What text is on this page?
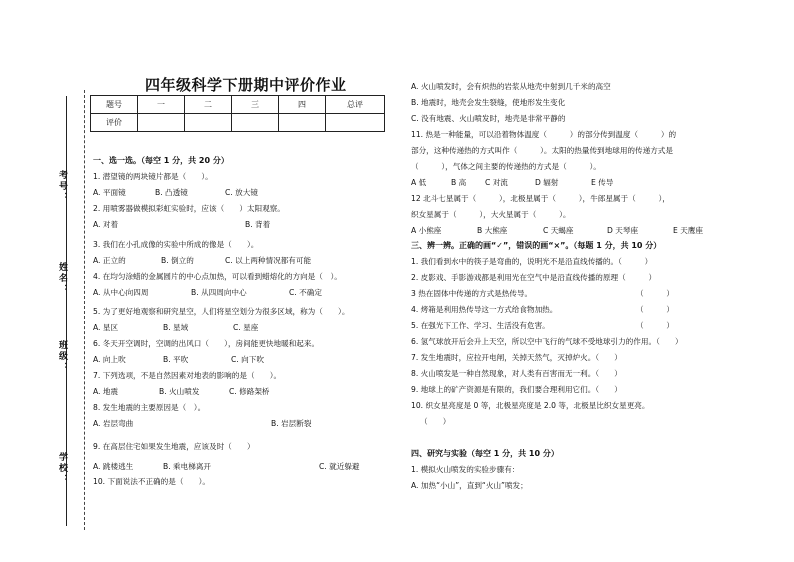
考号：
姓名：
班级：
学校：
四年级科学下册期中评价作业
题号	一	二	三	四	总评
评价					
一、选一选。（每空 1 分，共 20 分）
1. 潜望镜的两块镜片都是（　　）。
A. 平面镜	B. 凸透镜	C. 放大镜
2. 用喷雾器做模拟彩虹实验时，应该（　　）太阳观察。
A. 对着	B. 背着
3. 我们在小孔成像的实验中所成的像是（　　）。
A. 正立的	B. 倒立的	C. 以上两种情况都有可能
4. 在均匀涂蜡的金属圆片的中心点加热，可以看到蜡熔化的方向是（　）。
A. 从中心向四周	B. 从四周向中心	C. 不确定
5. 为了更好地观察和研究星空，人们将星空划分为很多区域，称为（　　）。
A. 星区	B. 星域	C. 星座
6. 冬天开空调时，空调的出风口（　　），房间能更快地暖和起来。
A. 向上吹	B. 平吹	C. 向下吹
7. 下列选项，不是自然因素对地表的影响的是（　　）。
A. 地震	B. 火山喷发	C. 修路架桥
8. 发生地震的主要原因是（　）。
A. 岩层弯曲	B. 岩层断裂
9. 在高层住宅如果发生地震，应该及时（　　）
A. 跳楼逃生	B. 乘电梯离开	C. 就近躲避
10. 下面说法不正确的是（　　）。
A. 火山喷发时，会有炽热的岩浆从地壳中射到几千米的高空
B. 地震时，地壳会发生裂缝，使地形发生变化
C. 没有地震、火山喷发时，地壳是非常平静的
11. 热是一种能量，可以沿着物体温度（　　　）的部分传到温度（　　　）的
部分，这种传递热的方式叫作（　　　）。太阳的热量传到地球用的传递方式是
（　　　），气体之间主要的传递热的方式是（　　　）。
A 低	B 高 C 对流	D 辐射	E 传导
12 北斗七星属于（　　　），北极星属于（　　　），牛郎星属于（　　　），
织女星属于（　　　），大火星属于（　　　）。
A 小熊座	B 大熊座	C 天蝎座	D 天琴座	E 天鹰座
三、辨一辨。正确的画“✓”，错误的画“×”。（每题 1 分，共 10 分）
1. 我们看到水中的筷子是弯曲的，说明光不是沿直线传播的。（　　　）
2. 皮影戏、手影游戏都是利用光在空气中是沿直线传播的原理（　　　）
3 热在固体中传递的方式是热传导。	（　　　）
4. 烤箱是利用热传导这一方式给食物加热。	（　　　）
5. 在强光下工作、学习、生活没有危害。	（　　　）
6. 氢气球放开后会升上天空，所以空中飞行的气球不受地球引力的作用。（　　）
7. 发生地震时，应拉开电闸，关掉天然气，灭掉炉火。（　　）
8. 火山喷发是一种自然现象，对人类有百害而无一利。（　　）
9. 地球上的矿产资源是有限的，我们要合理利用它们。（　　）
10. 织女星亮度是 0 等，北极星亮度是 2.0 等，北极星比织女星更亮。
（　　）
四、研究与实验（每空 1 分，共 10 分）
1. 模拟火山喷发的实验步骤有：
A. 加热“小山”，直到“火山”喷发；
